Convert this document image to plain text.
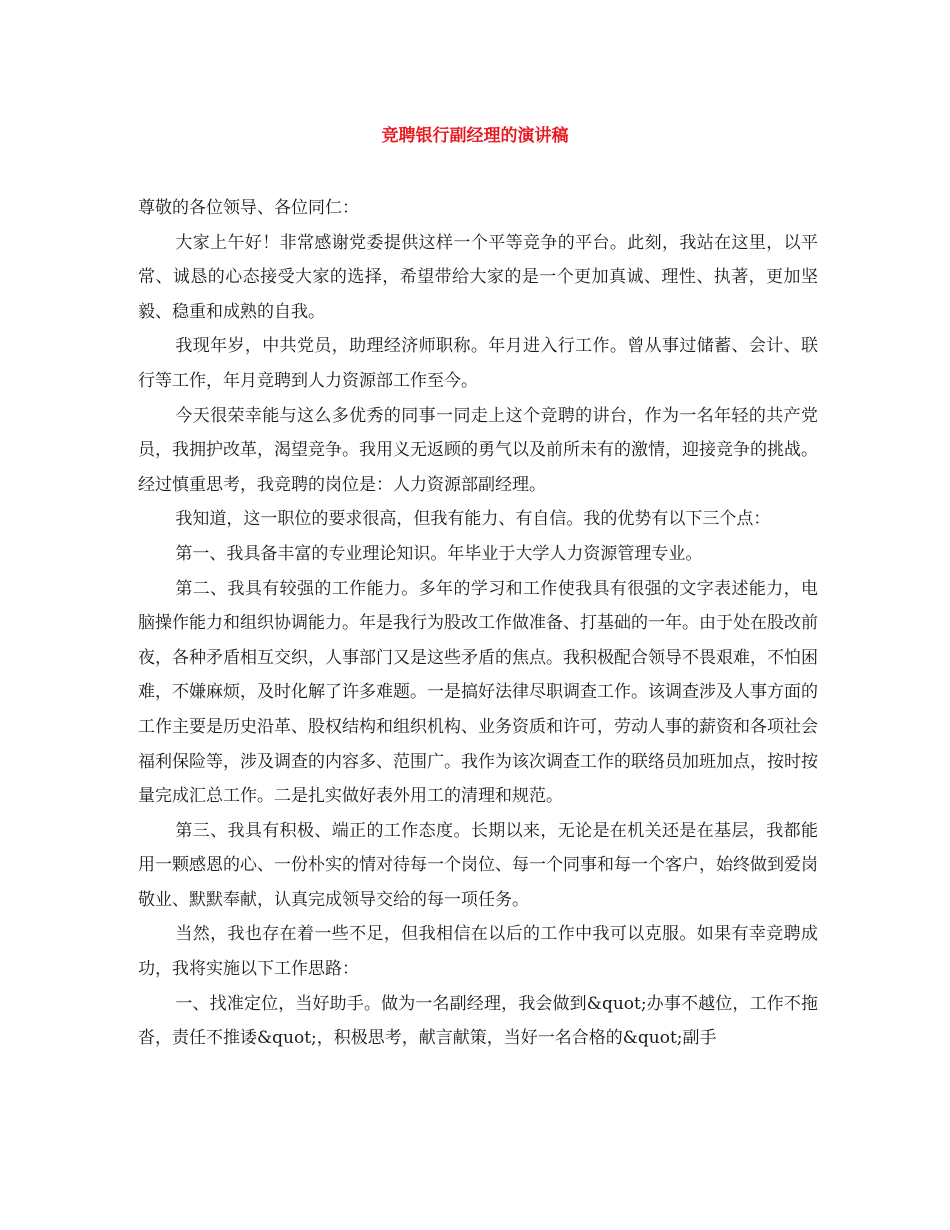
竞聘银行副经理的演讲稿

尊敬的各位领导、各位同仁：

大家上午好！非常感谢党委提供这样一个平等竞争的平台。此刻，我站在这里，以平常、诚恳的心态接受大家的选择，希望带给大家的是一个更加真诚、理性、执著，更加坚毅、稳重和成熟的自我。

我现年岁，中共党员，助理经济师职称。年月进入行工作。曾从事过储蓄、会计、联行等工作，年月竞聘到人力资源部工作至今。

今天很荣幸能与这么多优秀的同事一同走上这个竞聘的讲台，作为一名年轻的共产党员，我拥护改革，渴望竞争。我用义无返顾的勇气以及前所未有的激情，迎接竞争的挑战。经过慎重思考，我竞聘的岗位是：人力资源部副经理。

我知道，这一职位的要求很高，但我有能力、有自信。我的优势有以下三个点：

第一、我具备丰富的专业理论知识。年毕业于大学人力资源管理专业。

第二、我具有较强的工作能力。多年的学习和工作使我具有很强的文字表述能力，电脑操作能力和组织协调能力。年是我行为股改工作做准备、打基础的一年。由于处在股改前夜，各种矛盾相互交织，人事部门又是这些矛盾的焦点。我积极配合领导不畏艰难，不怕困难，不嫌麻烦，及时化解了许多难题。一是搞好法律尽职调查工作。该调查涉及人事方面的工作主要是历史沿革、股权结构和组织机构、业务资质和许可，劳动人事的薪资和各项社会福利保险等，涉及调查的内容多、范围广。我作为该次调查工作的联络员加班加点，按时按量完成汇总工作。二是扎实做好表外用工的清理和规范。

第三、我具有积极、端正的工作态度。长期以来，无论是在机关还是在基层，我都能用一颗感恩的心、一份朴实的情对待每一个岗位、每一个同事和每一个客户，始终做到爱岗敬业、默默奉献，认真完成领导交给的每一项任务。

当然，我也存在着一些不足，但我相信在以后的工作中我可以克服。如果有幸竞聘成功，我将实施以下工作思路：

一、找准定位，当好助手。做为一名副经理，我会做到&quot;办事不越位，工作不拖沓，责任不推诿&quot;，积极思考，献言献策，当好一名合格的&quot;副手
